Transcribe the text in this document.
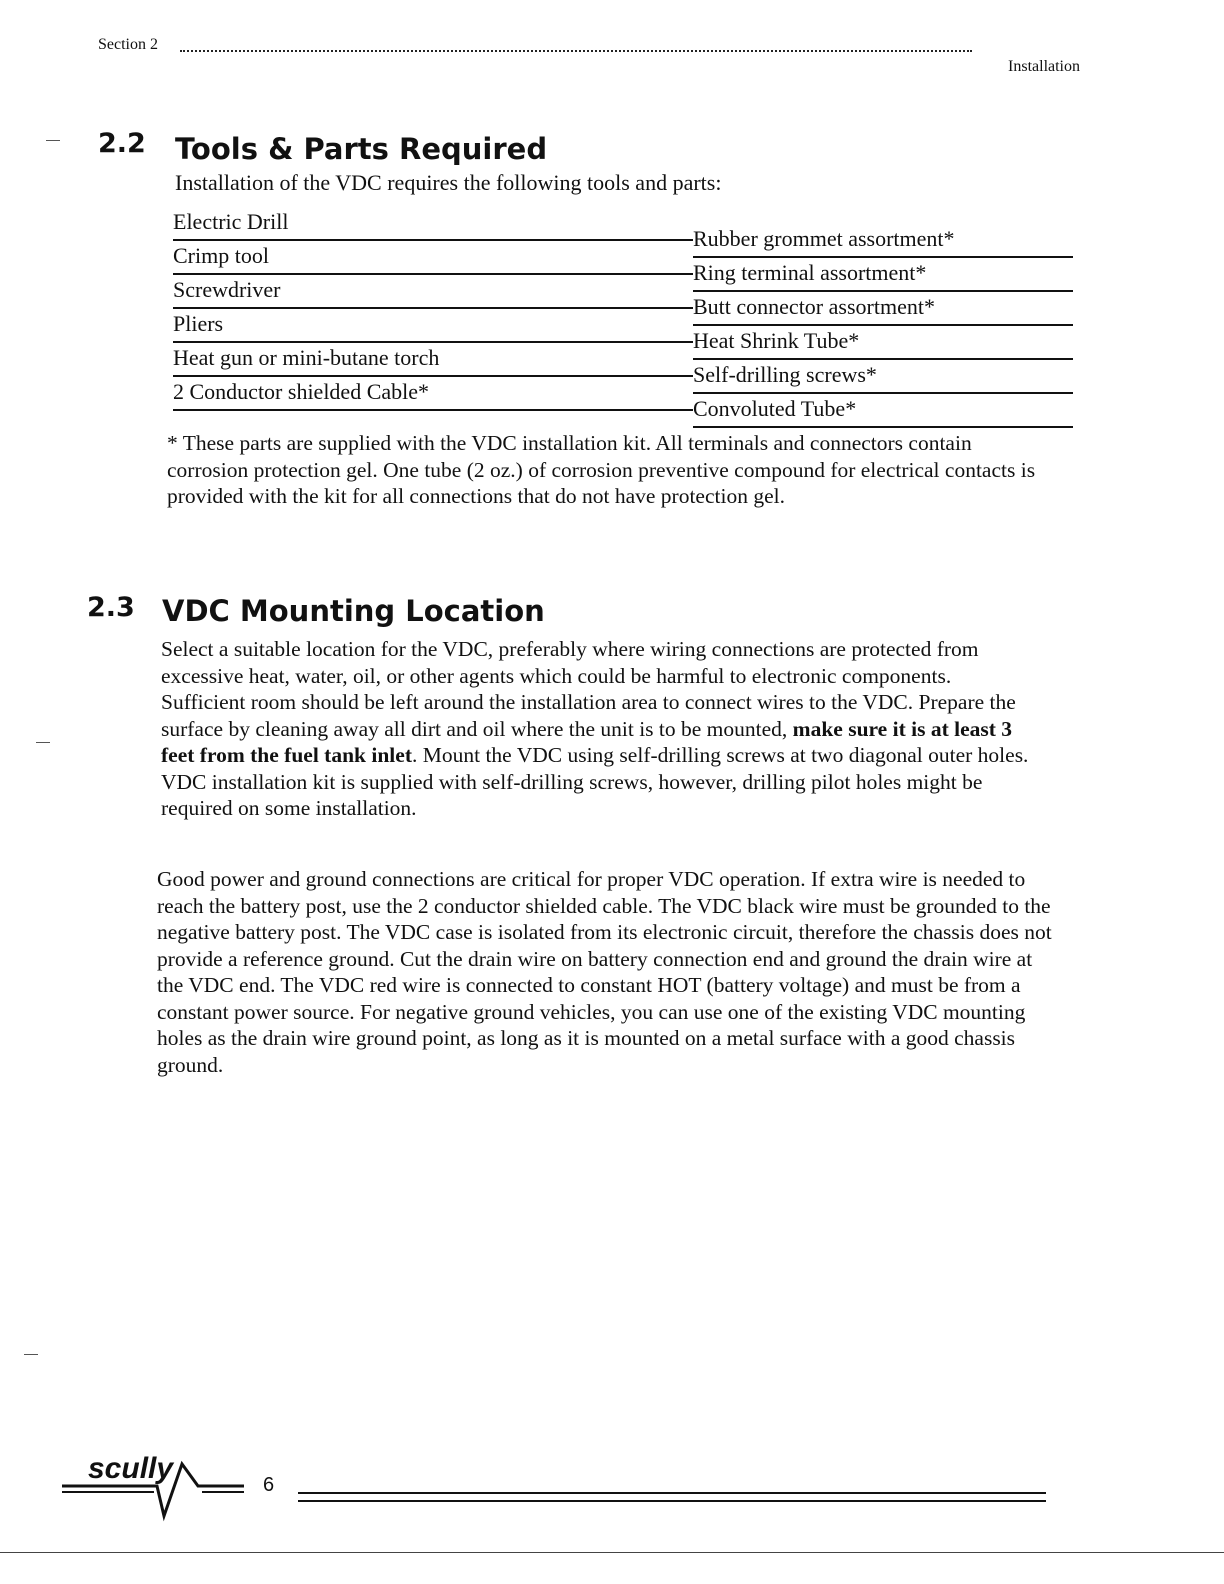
Section 2
Installation
2.2 Tools & Parts Required
Installation of the VDC requires the following tools and parts:
Electric Drill
Crimp tool
Screwdriver
Pliers
Heat gun or mini-butane torch
2 Conductor shielded Cable*
Rubber grommet assortment*
Ring terminal assortment*
Butt connector assortment*
Heat Shrink Tube*
Self-drilling screws*
Convoluted Tube*

* These parts are supplied with the VDC installation kit. All terminals and connectors contain corrosion protection gel. One tube (2 oz.) of corrosion preventive compound for electrical contacts is provided with the kit for all connections that do not have protection gel.

2.3 VDC Mounting Location

Select a suitable location for the VDC, preferably where wiring connections are protected from excessive heat, water, oil, or other agents which could be harmful to electronic components. Sufficient room should be left around the installation area to connect wires to the VDC. Prepare the surface by cleaning away all dirt and oil where the unit is to be mounted, make sure it is at least 3 feet from the fuel tank inlet. Mount the VDC using self-drilling screws at two diagonal outer holes. VDC installation kit is supplied with self-drilling screws, however, drilling pilot holes might be required on some installation.

Good power and ground connections are critical for proper VDC operation. If extra wire is needed to reach the battery post, use the 2 conductor shielded cable. The VDC black wire must be grounded to the negative battery post. The VDC case is isolated from its electronic circuit, therefore the chassis does not provide a reference ground. Cut the drain wire on battery connection end and ground the drain wire at the VDC end. The VDC red wire is connected to constant HOT (battery voltage) and must be from a constant power source. For negative ground vehicles, you can use one of the existing VDC mounting holes as the drain wire ground point, as long as it is mounted on a metal surface with a good chassis ground.

scully	6
